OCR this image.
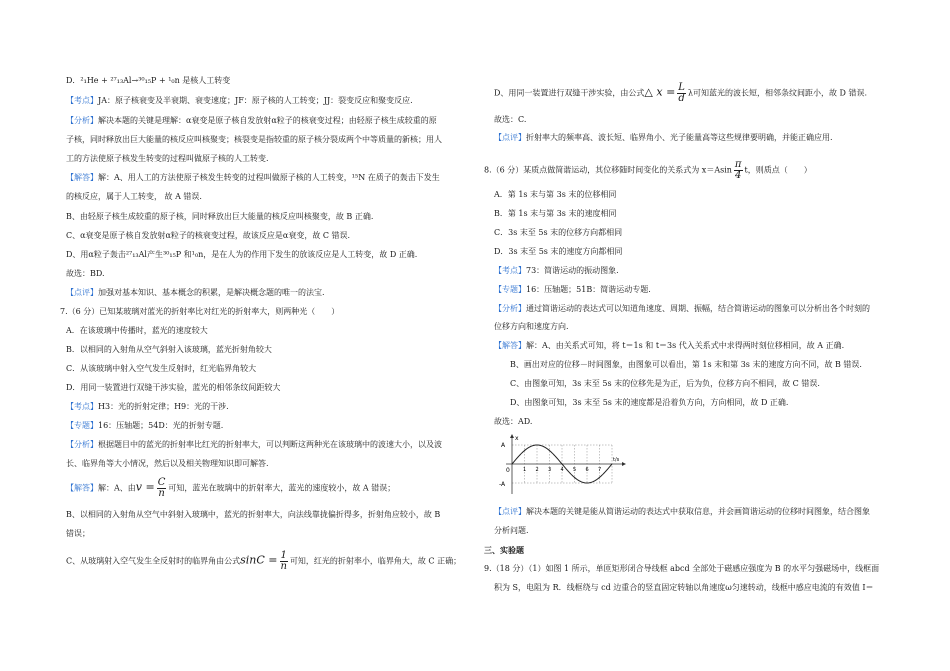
D．²₁He + ²⁷₁₃Al→³⁰₁₅P + ¹₀n 是核人工转变
【考点】JA：原子核衰变及半衰期、衰变速度；JF：原子核的人工转变；JJ：裂变反应和聚变反应.
【分析】解决本题的关键是理解：α衰变是原子核自发放射α粒子的核衰变过程；由轻原子核生成较重的原
子核，同时释放出巨大能量的核反应叫核聚变；核裂变是指较重的原子核分裂成两个中等质量的新核；用人
工的方法使原子核发生转变的过程叫做原子核的人工转变.
【解答】解：A、用人工的方法使原子核发生转变的过程叫做原子核的人工转变，¹⁵N 在质子的轰击下发生
的核反应，属于人工转变， 故 A 错误.
B、由轻原子核生成较重的原子核，同时释放出巨大能量的核反应叫核聚变，故 B 正确.
C、α衰变是原子核自发放射α粒子的核衰变过程，故该反应是α衰变，故 C 错误.
D、用α粒子轰击²⁷₁₃Al产生³⁰₁₅P 和¹₀n，是在人为的作用下发生的放该反应是人工转变，故 D 正确.
故选：BD.
【点评】加强对基本知识、基本概念的积累，是解决概念题的唯一的法宝.
7.（6 分）已知某玻璃对蓝光的折射率比对红光的折射率大，则两种光（　　）
A．在该玻璃中传播时，蓝光的速度较大
B．以相同的入射角从空气斜射入该玻璃，蓝光折射角较大
C．从该玻璃中射入空气发生反射时，红光临界角较大
D．用同一装置进行双缝干涉实验，蓝光的相邻条纹间距较大
【考点】H3：光的折射定律；H9：光的干涉.
【专题】16：压轴题；54D：光的折射专题.
【分析】根据题目中的蓝光的折射率比红光的折射率大，可以判断这两种光在该玻璃中的波速大小，以及波
长、临界角等大小情况，然后以及相关物理知识即可解答.
【解答】解：A、由$v = \frac{C}{n}$ 可知，蓝光在玻璃中的折射率大，蓝光的速度较小，故 A 错误；
B、以相同的入射角从空气中斜射入玻璃中，蓝光的折射率大，向法线靠拢偏折得多，折射角应较小，故 B
错误；
C、从玻璃射入空气发生全反射时的临界角由公式$\sin C = \frac{1}{n}$ 可知，红光的折射率小，临界角大，故 C 正确；
D、用同一装置进行双缝干涉实验，由公式△ $x = \frac{L}{d}$ λ可知蓝光的波长短，相邻条纹间距小，故 D 错误.
故选：C.
【点评】折射率大的频率高、波长短、临界角小、光子能量高等这些规律要明确，并能正确应用.
8.（6 分）某质点做简谐运动，其位移随时间变化的关系式为 $x=Asin \frac{\pi}{4}$ t，则质点（　　）
A．第 1s 末与第 3s 末的位移相同
B．第 1s 末与第 3s 末的速度相同
C．3s 末至 5s 末的位移方向都相同
D．3s 末至 5s 末的速度方向都相同
【考点】73：简谐运动的振动图象.
【专题】16：压轴题；51B：简谐运动专题.
【分析】通过简谐运动的表达式可以知道角速度、周期、振幅，结合简谐运动的图象可以分析出各个时刻的
位移方向和速度方向.
【解答】解：A、由关系式可知，将 t＝1s 和 t＝3s 代入关系式中求得两时刻位移相同，故 A 正确.
B、画出对应的位移－时间图象，由图象可以看出，第 1s 末和第 3s 末的速度方向不同，故 B 错误.
C、由图象可知，3s 末至 5s 末的位移先是为正，后为负，位移方向不相同，故 C 错误.
D、由图象可知，3s 末至 5s 末的速度都是沿着负方向，方向相同，故 D 正确.
故选：AD.
x
A
-A
0
t/s
1 2 3 4 5 6 7
【点评】解决本题的关键是能从简谐运动的表达式中获取信息，并会画简谐运动的位移时间图象，结合图象
分析问题.
三、实验题
9.（18 分）（1）如图 1 所示，单匝矩形闭合导线框 abcd 全部处于磁感应强度为 B 的水平匀强磁场中，线框面
积为 S，电阻为 R．线框绕与 cd 边重合的竖直固定转轴以角速度ω匀速转动，线框中感应电流的有效值 I＝
